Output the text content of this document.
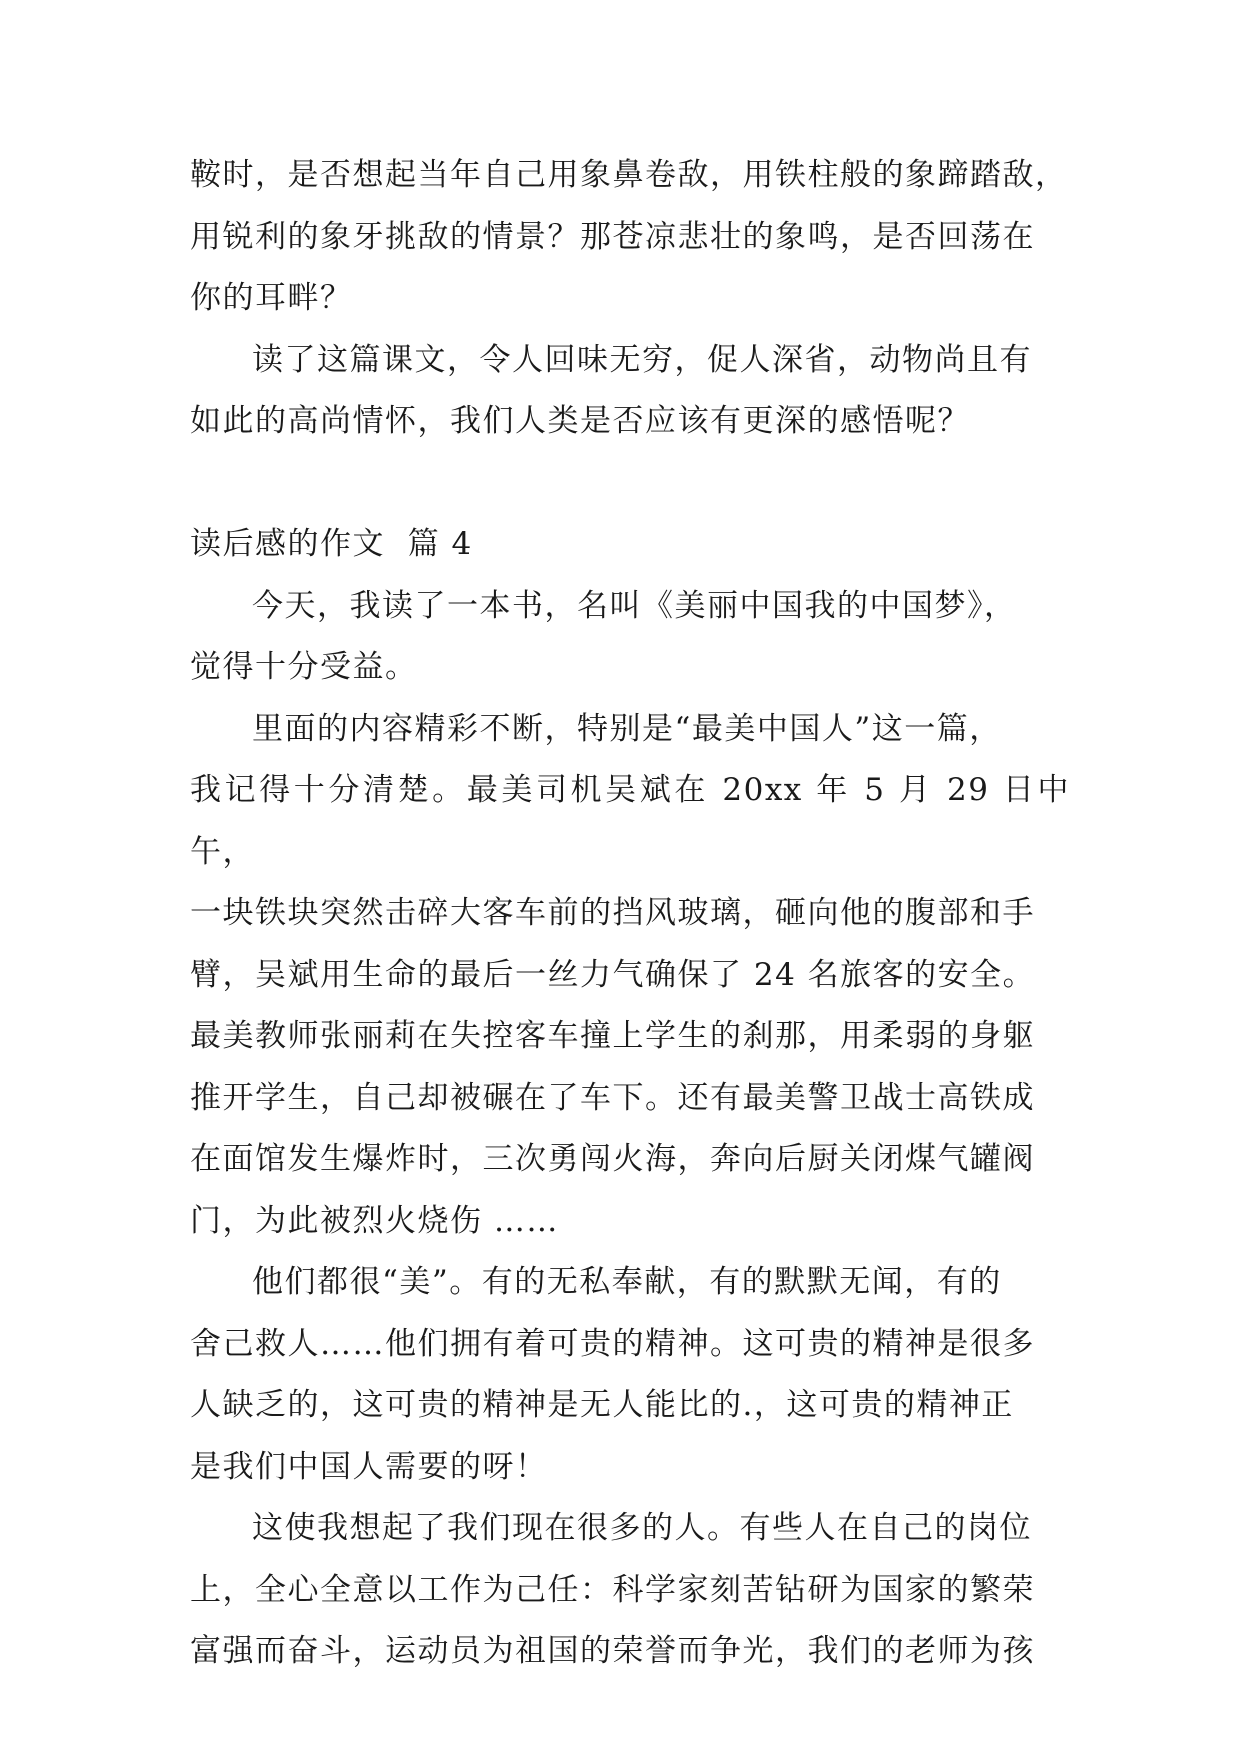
鞍时，是否想起当年自己用象鼻卷敌，用铁柱般的象蹄踏敌，
用锐利的象牙挑敌的情景？那苍凉悲壮的象鸣，是否回荡在
你的耳畔？

读了这篇课文，令人回味无穷，促人深省，动物尚且有
如此的高尚情怀，我们人类是否应该有更深的感悟呢？

读后感的作文  篇 4

今天，我读了一本书，名叫《美丽中国我的中国梦》，
觉得十分受益。

里面的内容精彩不断，特别是“最美中国人”这一篇，
我记得十分清楚。最美司机吴斌在 20xx 年 5 月 29 日中午，
一块铁块突然击碎大客车前的挡风玻璃，砸向他的腹部和手
臂，吴斌用生命的最后一丝力气确保了 24 名旅客的安全。
最美教师张丽莉在失控客车撞上学生的刹那，用柔弱的身躯
推开学生，自己却被碾在了车下。还有最美警卫战士高铁成
在面馆发生爆炸时，三次勇闯火海，奔向后厨关闭煤气罐阀
门，为此被烈火烧伤 ……

他们都很“美”。有的无私奉献，有的默默无闻，有的
舍己救人……他们拥有着可贵的精神。这可贵的精神是很多
人缺乏的，这可贵的精神是无人能比的.，这可贵的精神正
是我们中国人需要的呀！

这使我想起了我们现在很多的人。有些人在自己的岗位
上，全心全意以工作为己任：科学家刻苦钻研为国家的繁荣
富强而奋斗，运动员为祖国的荣誉而争光，我们的老师为孩
